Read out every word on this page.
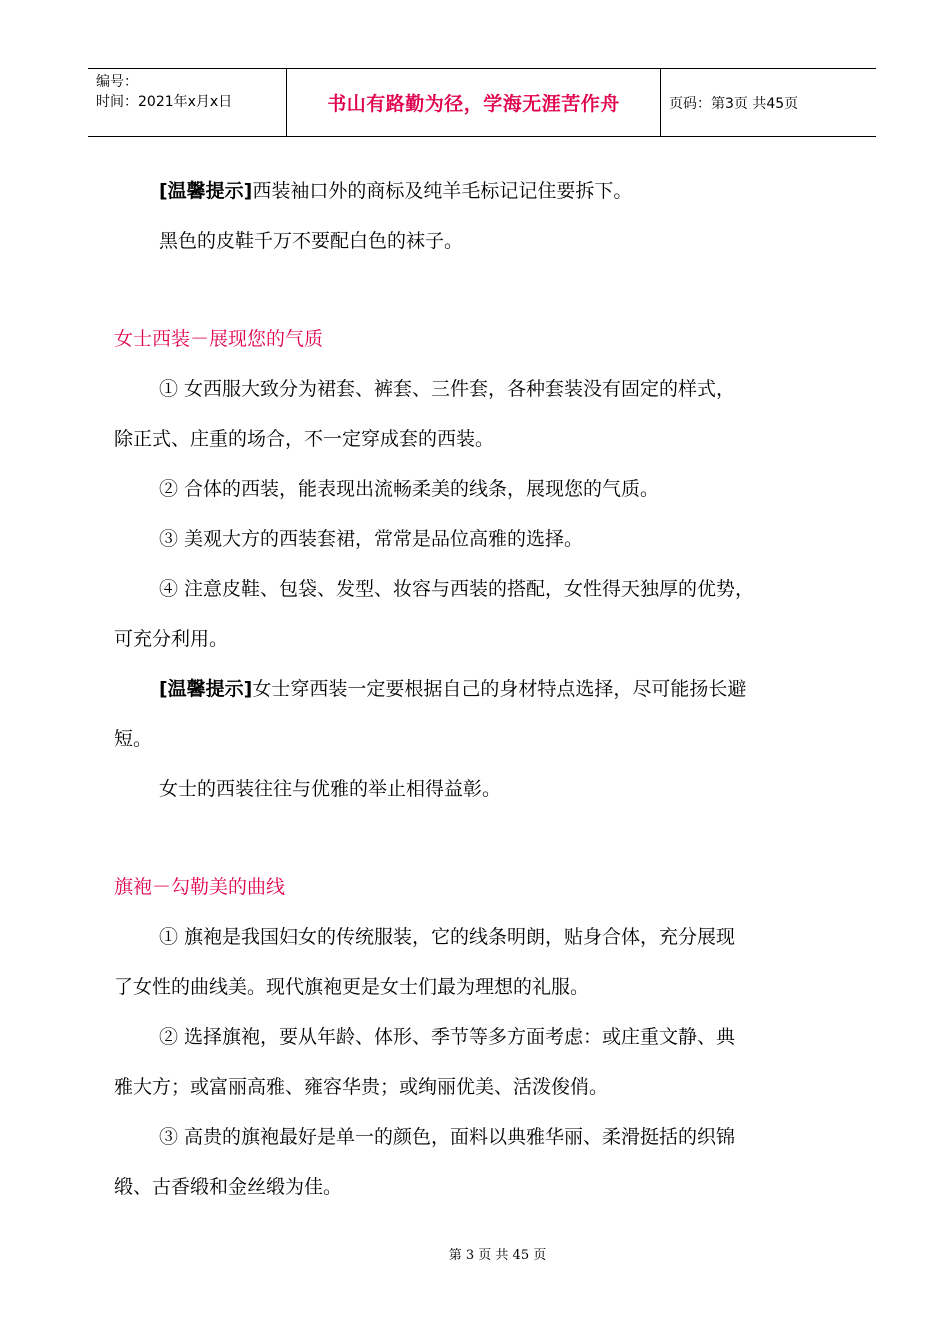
编号：
时间：2021年x月x日	书山有路勤为径，学海无涯苦作舟	页码：第3页 共45页

[温馨提示]西装袖口外的商标及纯羊毛标记记住要拆下。

黑色的皮鞋千万不要配白色的袜子。

女士西装－展现您的气质

① 女西服大致分为裙套、裤套、三件套，各种套装没有固定的样式，

除正式、庄重的场合，不一定穿成套的西装。

② 合体的西装，能表现出流畅柔美的线条，展现您的气质。

③ 美观大方的西装套裙，常常是品位高雅的选择。

④ 注意皮鞋、包袋、发型、妆容与西装的搭配，女性得天独厚的优势，

可充分利用。

[温馨提示]女士穿西装一定要根据自己的身材特点选择，尽可能扬长避

短。

女士的西装往往与优雅的举止相得益彰。

旗袍－勾勒美的曲线

① 旗袍是我国妇女的传统服装，它的线条明朗，贴身合体，充分展现

了女性的曲线美。现代旗袍更是女士们最为理想的礼服。

② 选择旗袍，要从年龄、体形、季节等多方面考虑：或庄重文静、典

雅大方；或富丽高雅、雍容华贵；或绚丽优美、活泼俊俏。

③ 高贵的旗袍最好是单一的颜色，面料以典雅华丽、柔滑挺括的织锦

缎、古香缎和金丝缎为佳。

第 3 页 共 45 页
